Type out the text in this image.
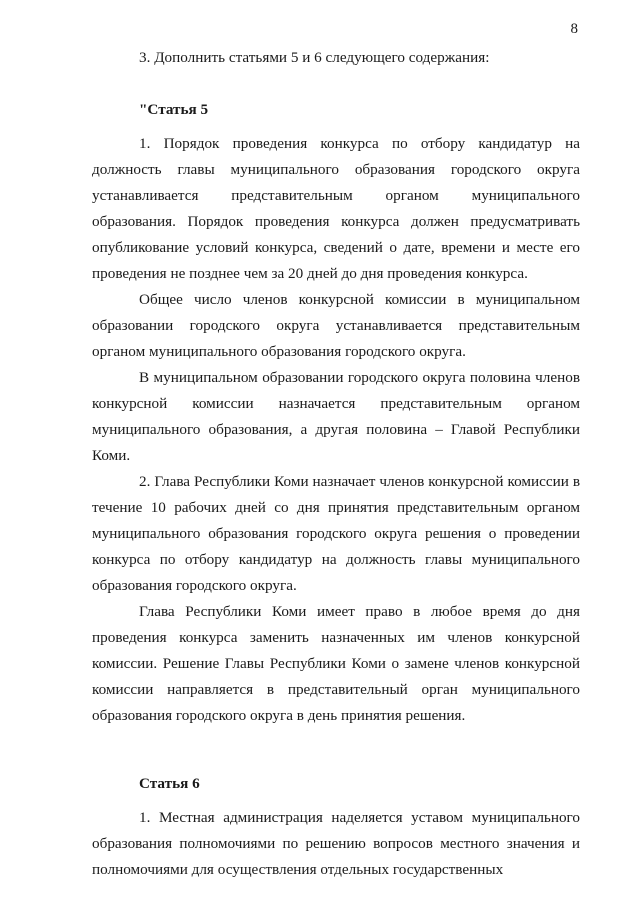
8

3. Дополнить статьями 5 и 6 следующего содержания:

"Статья 5

1. Порядок проведения конкурса по отбору кандидатур на должность главы муниципального образования городского округа устанавливается представительным органом муниципального образования. Порядок проведения конкурса должен предусматривать опубликование условий конкурса, сведений о дате, времени и месте его проведения не позднее чем за 20 дней до дня проведения конкурса.

Общее число членов конкурсной комиссии в муниципальном образовании городского округа устанавливается представительным органом муниципального образования городского округа.

В муниципальном образовании городского округа половина членов конкурсной комиссии назначается представительным органом муниципального образования, а другая половина – Главой Республики Коми.

2. Глава Республики Коми назначает членов конкурсной комиссии в течение 10 рабочих дней со дня принятия представительным органом муниципального образования городского округа решения о проведении конкурса по отбору кандидатур на должность главы муниципального образования городского округа.

Глава Республики Коми имеет право в любое время до дня проведения конкурса заменить назначенных им членов конкурсной комиссии. Решение Главы Республики Коми о замене членов конкурсной комиссии направляется в представительный орган муниципального образования городского округа в день принятия решения.

Статья 6

1. Местная администрация наделяется уставом муниципального образования полномочиями по решению вопросов местного значения и полномочиями для осуществления отдельных государственных
